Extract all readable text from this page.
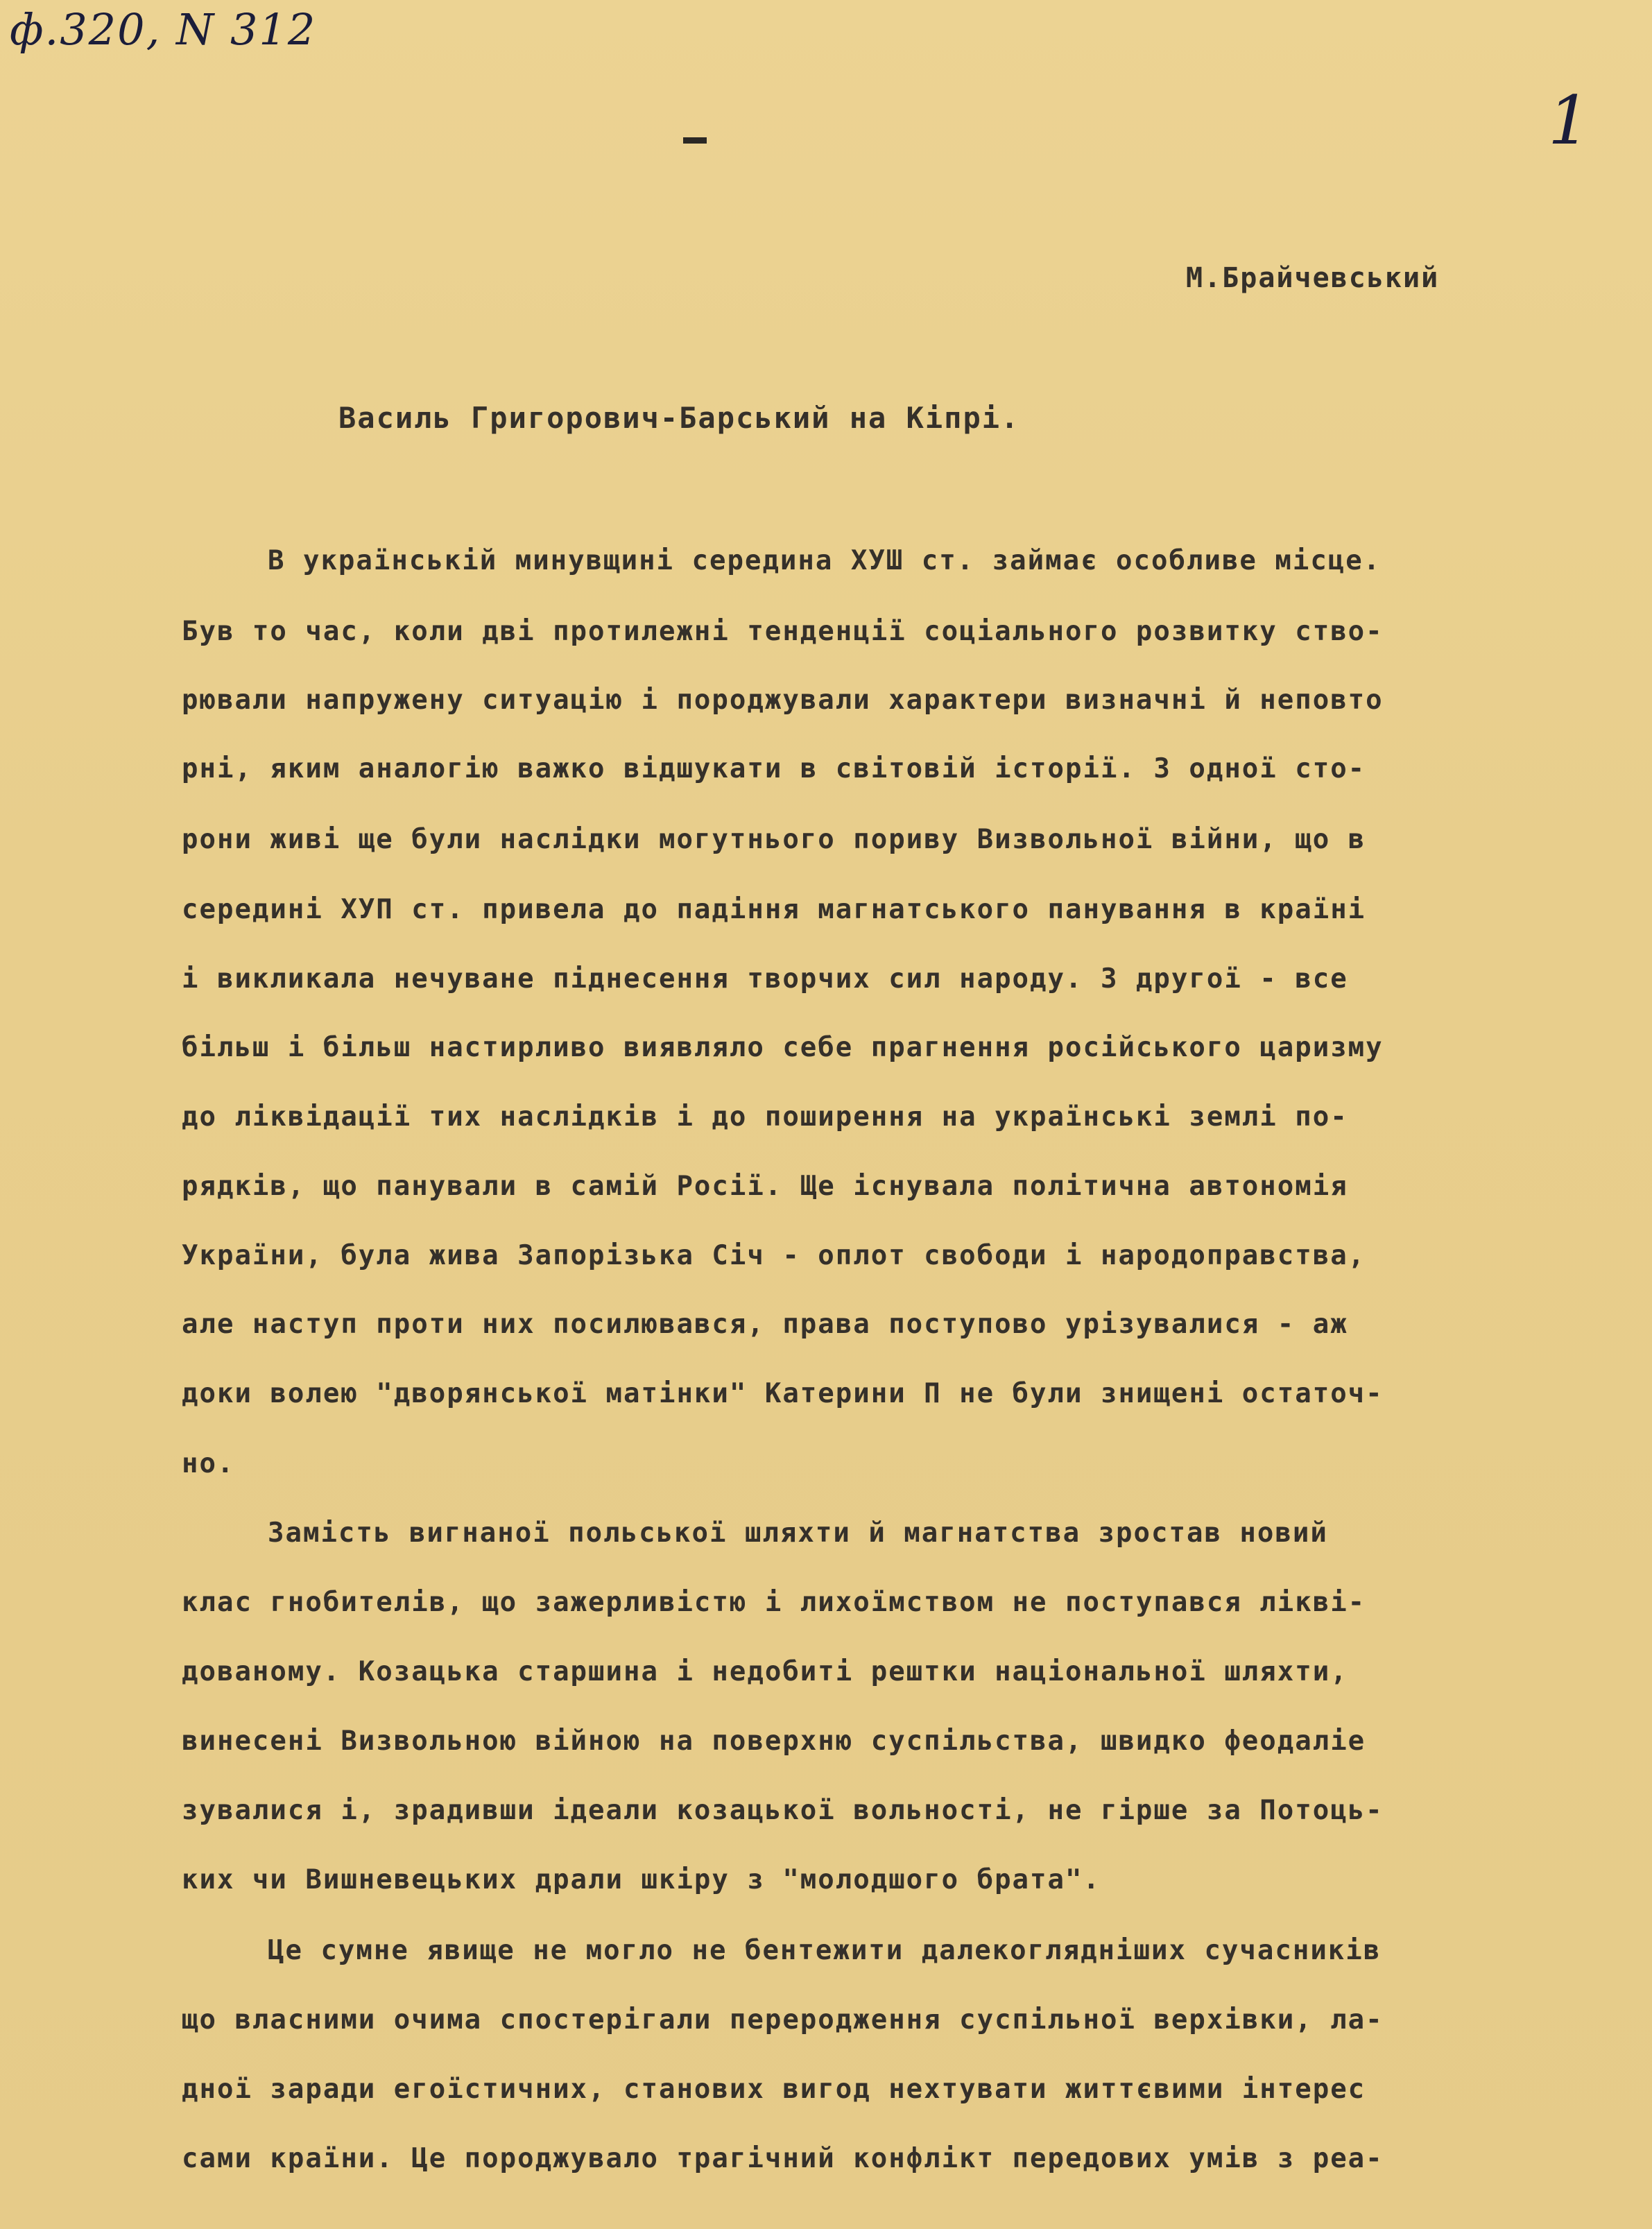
ф.320, N 312
1
М.Брайчевський
Василь Григорович-Барський на Кіпрі.
В українській минувщині середина ХУШ ст. займає особливе місце.
Був то час, коли дві протилежні тенденції соціального розвитку ство-
рювали напружену ситуацію і породжували характери визначні й неповто
рні, яким аналогію важко відшукати в світовій історії. З одної сто-
рони живі ще були наслідки могутнього пориву Визвольної війни, що в
середині ХУП ст. привела до падіння магнатського панування в країні
і викликала нечуване піднесення творчих сил народу. З другої - все
більш і більш настирливо виявляло себе прагнення російського царизму
до ліквідації тих наслідків і до поширення на українські землі по-
рядків, що панували в самій Росії. Ще існувала політична автономія
України, була жива Запорізька Січ - оплот свободи і народоправства,
але наступ проти них посилювався, права поступово урізувалися - аж
доки волею "дворянської матінки" Катерини П не були знищені остаточ-
но.
Замість вигнаної польської шляхти й магнатства зростав новий
клас гнобителів, що зажерливістю і лихоїмством не поступався ліквi-
дованому. Козацька старшина і недобиті рештки національної шляхти,
винесені Визвольною війною на поверхню суспільства, швидко феодаліе
зувалися і, зрадивши ідеали козацької вольності, не гірше за Потоць-
ких чи Вишневецьких драли шкіру з "молодшого брата".
Це сумне явище не могло не бентежити далекоглядніших сучасників
що власними очима спостерігали переродження суспільної верхівки, ла-
дної заради егоїстичних, станових вигод нехтувати життєвими інтерес
сами країни. Це породжувало трагічний конфлікт передових умів з реа-
